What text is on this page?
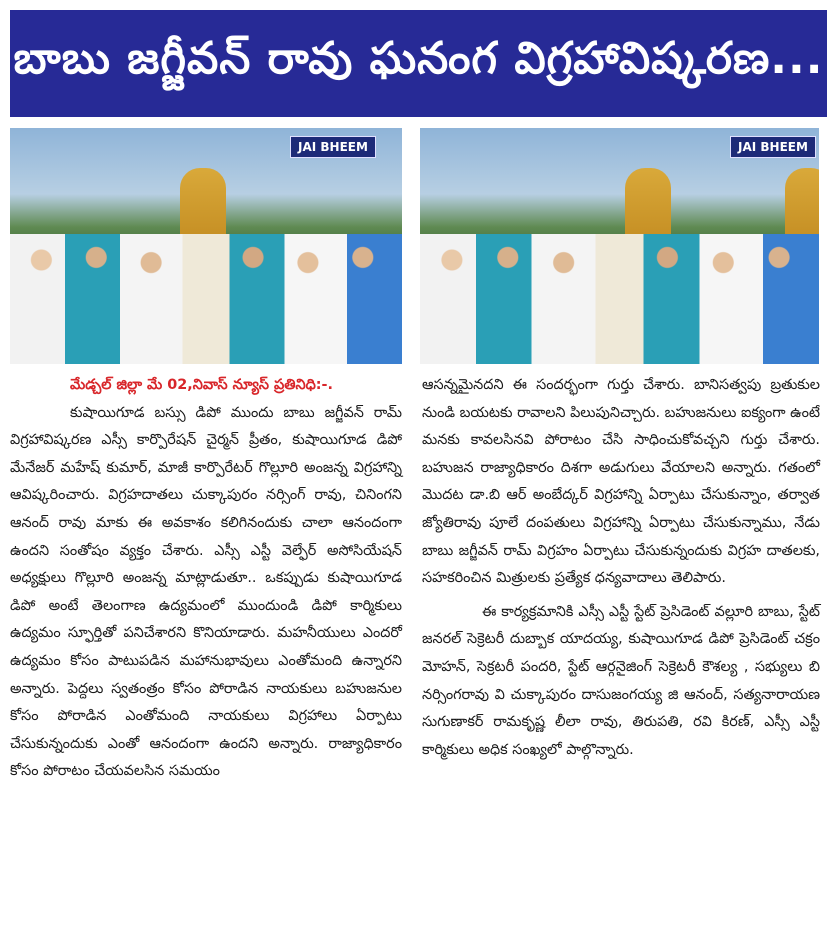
బాబు జగ్జీవన్ రావు ఘనంగ విగ్రహావిష్కరణ...
JAI BHEEM	JAI BHEEM

మేడ్చల్ జిల్లా మే 02,నివాస్ న్యూస్ ప్రతినిధి:-.

కుషాయిగూడ బస్సు డిపో ముందు బాబు జగ్జీవన్ రామ్ విగ్రహావిష్కరణ ఎస్సీ కార్పొరేషన్ చైర్మన్ ప్రీతం, కుషాయిగూడ డిపో మేనేజర్ మహేష్ కుమార్, మాజీ కార్పొరేటర్ గొల్లూరి అంజన్న విగ్రహాన్ని ఆవిష్కరించారు. విగ్రహదాతలు చుక్కాపురం నర్సింగ్ రావు, చినింగని ఆనంద్ రావు మాకు ఈ అవకాశం కలిగినందుకు చాలా ఆనందంగా ఉందని సంతోషం వ్యక్తం చేశారు. ఎస్సీ ఎస్టీ వెల్ఫేర్ అసోసియేషన్ అధ్యక్షులు గొల్లూరి అంజన్న మాట్లాడుతూ.. ఒకప్పుడు కుషాయిగూడ డిపో అంటే తెలంగాణ ఉద్యమంలో ముందుండి డిపో కార్మికులు ఉద్యమం స్ఫూర్తితో పనిచేశారని కొనియాడారు. మహనీయులు ఎందరో ఉద్యమం కోసం పాటుపడిన మహానుభావులు ఎంతోమంది ఉన్నారని అన్నారు. పెద్దలు స్వతంత్రం కోసం పోరాడిన నాయకులు బహుజనుల కోసం పోరాడిన ఎంతోమంది నాయకులు విగ్రహాలు ఏర్పాటు చేసుకున్నందుకు ఎంతో ఆనందంగా ఉందని అన్నారు. రాజ్యాధికారం కోసం పోరాటం చేయవలసిన సమయం

ఆసన్నమైనదని ఈ సందర్భంగా గుర్తు చేశారు. బానిసత్వపు బ్రతుకుల నుండి బయటకు రావాలని పిలుపునిచ్చారు. బహుజనులు ఐక్యంగా ఉంటే మనకు కావలసినవి పోరాటం చేసి సాధించుకోవచ్చని గుర్తు చేశారు. బహుజన రాజ్యాధికారం దిశగా అడుగులు వేయాలని అన్నారు. గతంలో మొదట డా.బి ఆర్ అంబేద్కర్ విగ్రహాన్ని ఏర్పాటు చేసుకున్నాం, తర్వాత జ్యోతిరావు పూలే దంపతులు విగ్రహాన్ని ఏర్పాటు చేసుకున్నాము, నేడు బాబు జగ్జీవన్ రామ్ విగ్రహం ఏర్పాటు చేసుకున్నందుకు విగ్రహ దాతలకు, సహకరించిన మిత్రులకు ప్రత్యేక ధన్యవాదాలు తెలిపారు.

ఈ కార్యక్రమానికి ఎస్సీ ఎస్టీ స్టేట్ ప్రెసిడెంట్ వల్లూరి బాబు, స్టేట్ జనరల్ సెక్రెటరీ దుబ్బాక యాదయ్య, కుషాయిగూడ డిపో ప్రెసిడెంట్ చక్రం మోహన్, సెక్రటరీ పందరి, స్టేట్ ఆర్గనైజింగ్ సెక్రెటరీ కౌశల్య , సభ్యులు బి నర్సింగరావు వి చుక్కాపురం దాసుజంగయ్య జి ఆనంద్, సత్యనారాయణ సుగుణాకర్ రామకృష్ణ లీలా రావు, తిరుపతి, రవి కిరణ్, ఎస్సీ ఎస్టీ కార్మికులు అధిక సంఖ్యలో పాల్గొన్నారు.
